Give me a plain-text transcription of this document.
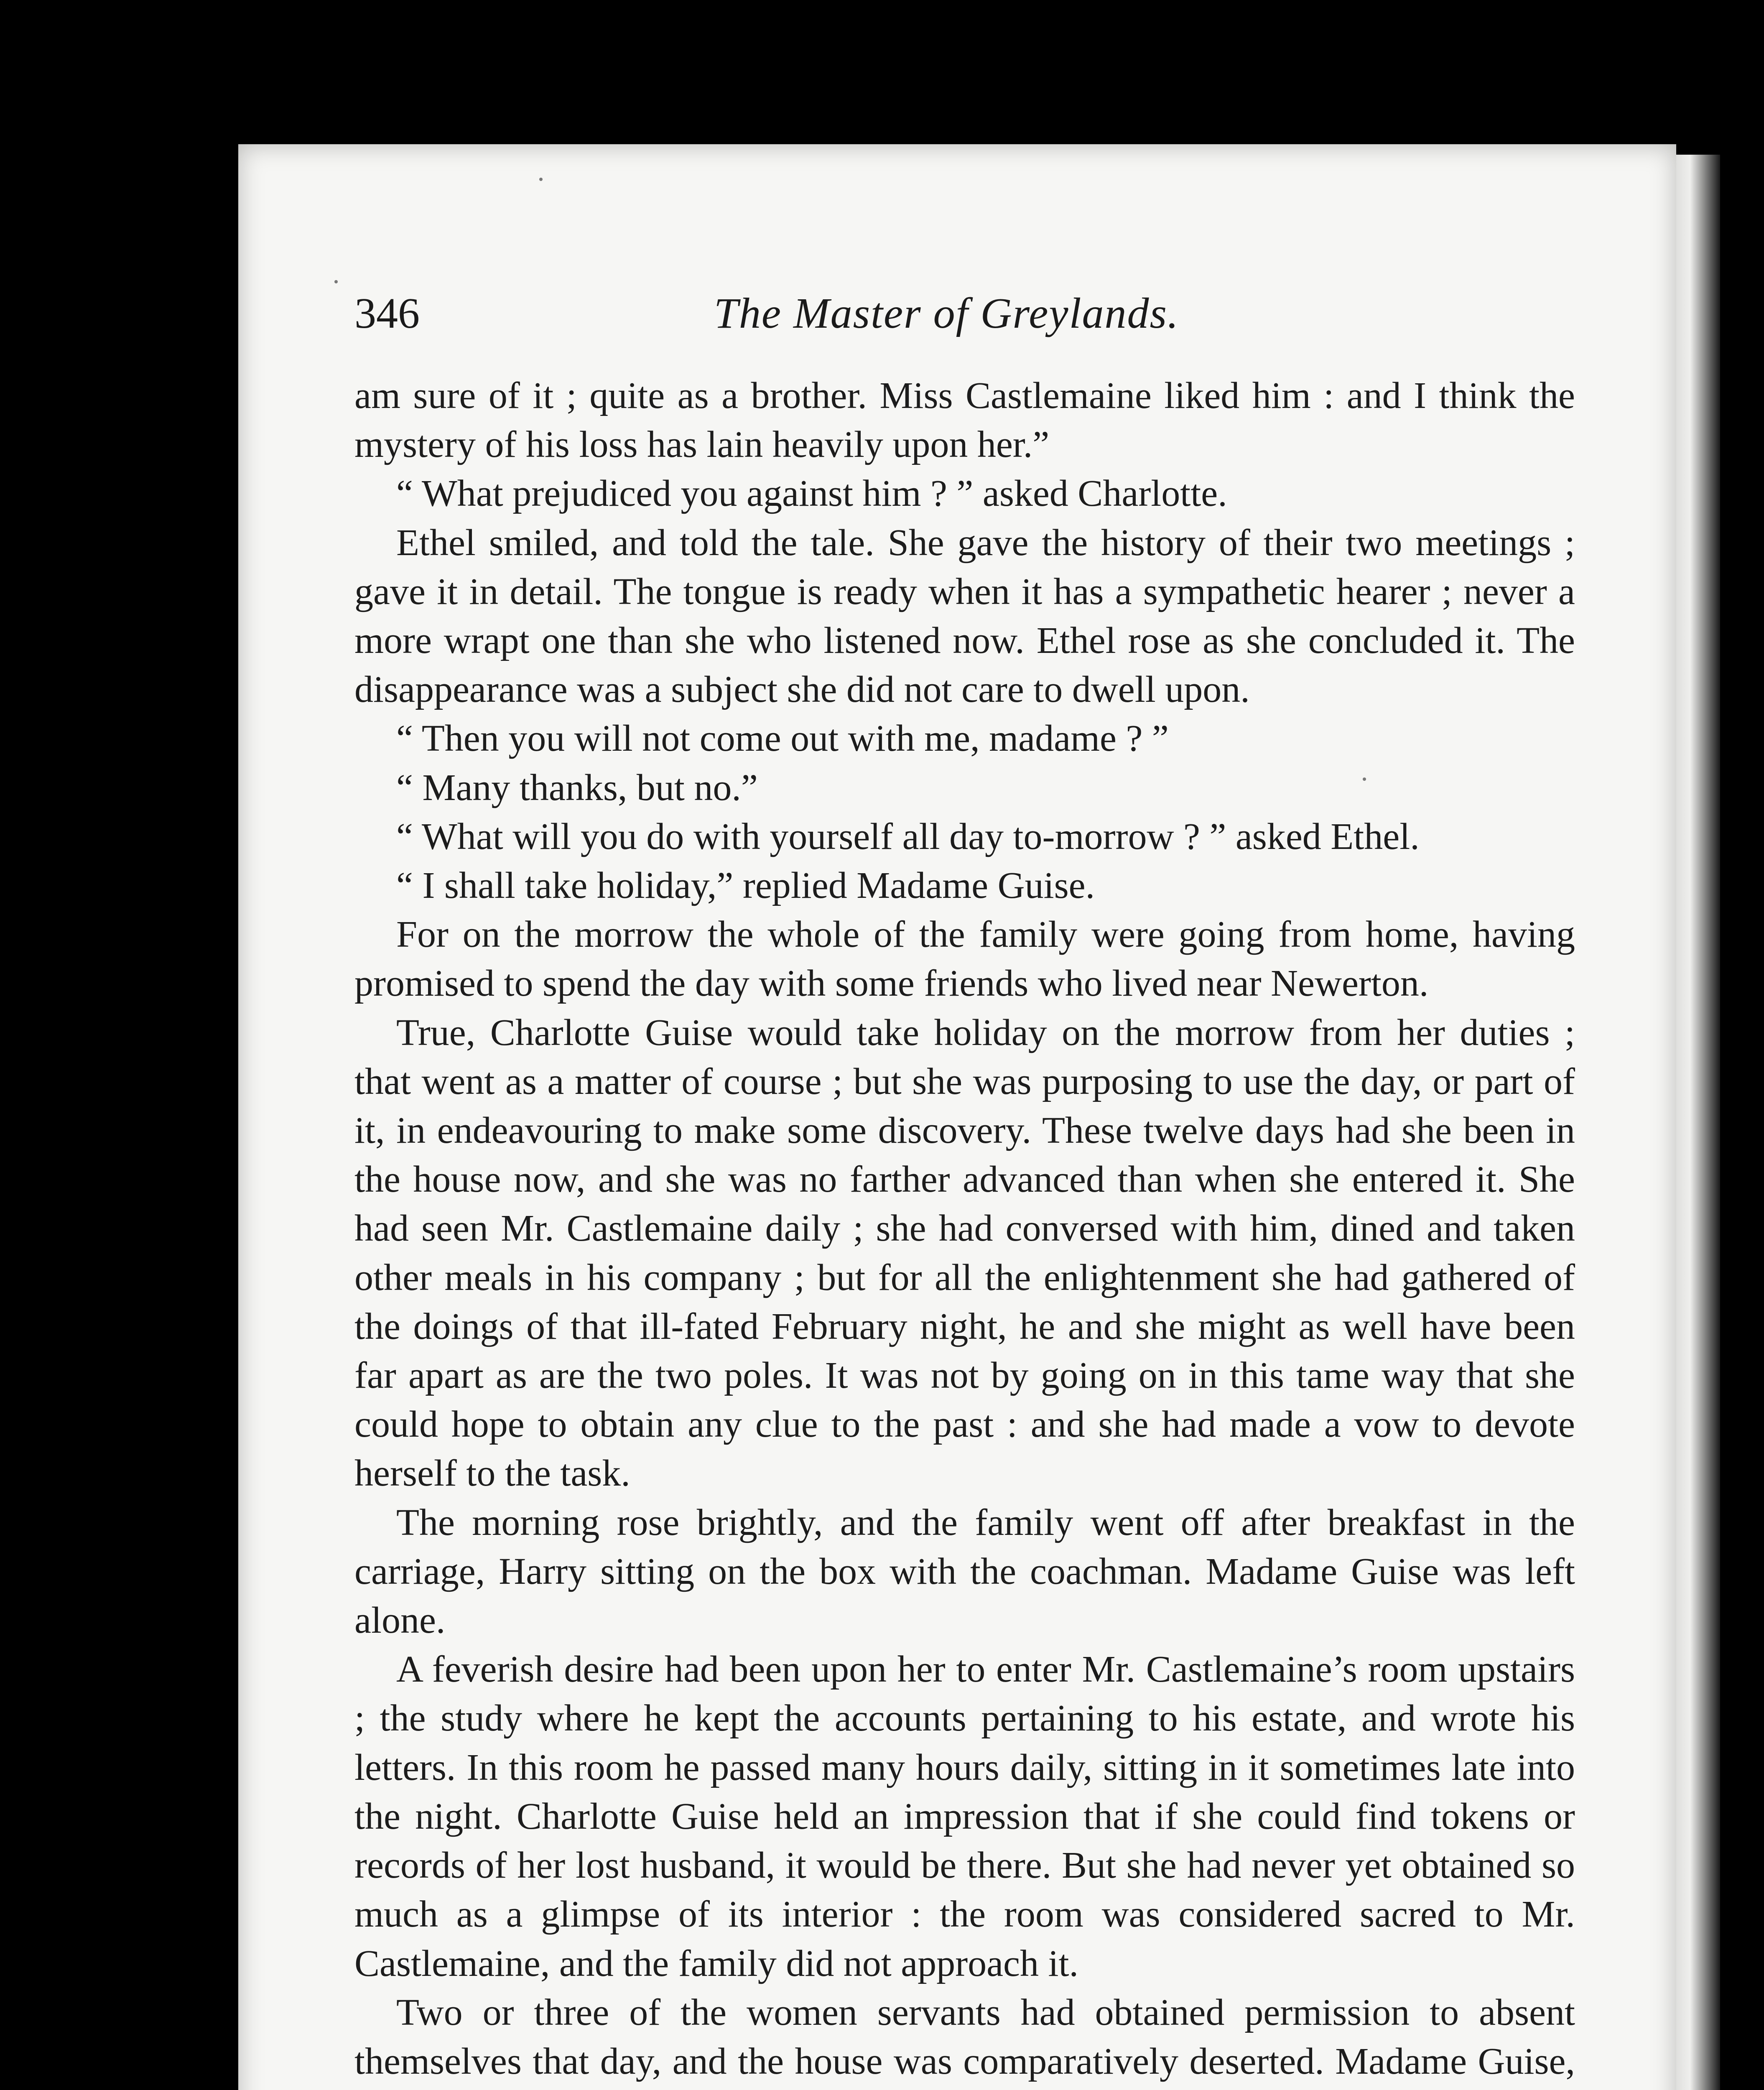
346	The Master of Greylands.

am sure of it ; quite as a brother. Miss Castlemaine liked him : and I think the mystery of his loss has lain heavily upon her.”

“ What prejudiced you against him ? ” asked Charlotte.

Ethel smiled, and told the tale. She gave the history of their two meetings ; gave it in detail. The tongue is ready when it has a sympathetic hearer ; never a more wrapt one than she who listened now. Ethel rose as she concluded it. The disappearance was a subject she did not care to dwell upon.

“ Then you will not come out with me, madame ? ”

“ Many thanks, but no.”

“ What will you do with yourself all day to-morrow ? ” asked Ethel.

“ I shall take holiday,” replied Madame Guise.

For on the morrow the whole of the family were going from home, having promised to spend the day with some friends who lived near Newerton.

True, Charlotte Guise would take holiday on the morrow from her duties ; that went as a matter of course ; but she was purposing to use the day, or part of it, in endeavouring to make some discovery. These twelve days had she been in the house now, and she was no farther advanced than when she entered it. She had seen Mr. Castlemaine daily ; she had conversed with him, dined and taken other meals in his company ; but for all the enlightenment she had gathered of the doings of that ill-fated February night, he and she might as well have been far apart as are the two poles. It was not by going on in this tame way that she could hope to obtain any clue to the past : and she had made a vow to devote herself to the task.

The morning rose brightly, and the family went off after breakfast in the carriage, Harry sitting on the box with the coachman. Madame Guise was left alone.

A feverish desire had been upon her to enter Mr. Castlemaine’s room upstairs ; the study where he kept the accounts pertaining to his estate, and wrote his letters. In this room he passed many hours daily, sitting in it sometimes late into the night. Charlotte Guise held an impression that if she could find tokens or records of her lost husband, it would be there. But she had never yet obtained so much as a glimpse of its interior : the room was considered sacred to Mr. Castlemaine, and the family did not approach it.

Two or three of the women servants had obtained permission to absent themselves that day, and the house was comparatively deserted. Madame Guise,
